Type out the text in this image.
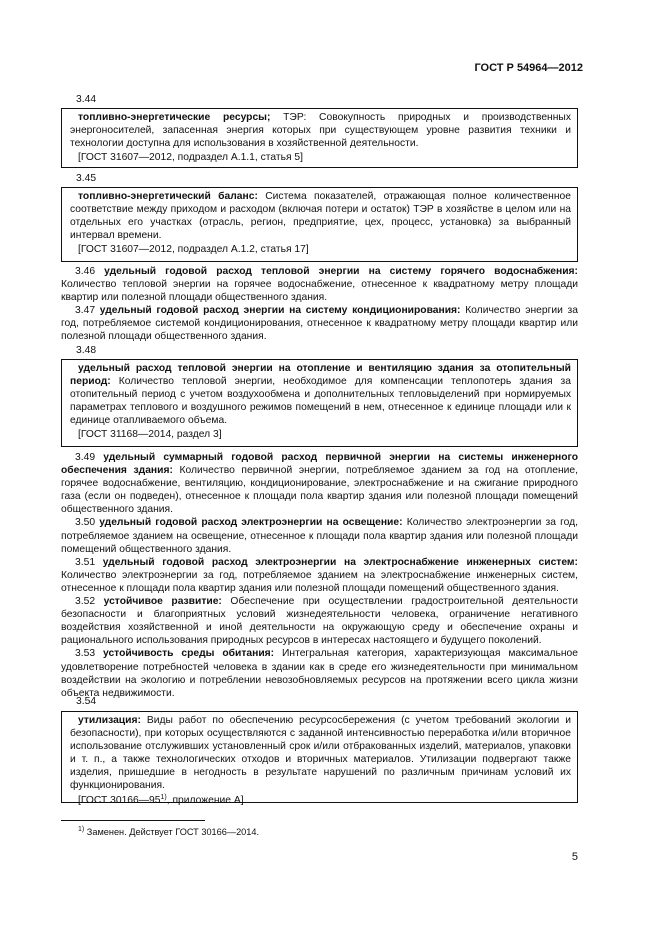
ГОСТ Р 54964—2012
3.44

топливно-энергетические ресурсы; ТЭР: Совокупность природных и производственных энергоносителей, запасенная энергия которых при существующем уровне развития техники и технологии доступна для использования в хозяйственной деятельности.

[ГОСТ 31607—2012, подраздел А.1.1, статья 5]

3.45

топливно-энергетический баланс: Система показателей, отражающая полное количественное соответствие между приходом и расходом (включая потери и остаток) ТЭР в хозяйстве в целом или на отдельных его участках (отрасль, регион, предприятие, цех, процесс, установка) за выбранный интервал времени.

[ГОСТ 31607—2012, подраздел А.1.2, статья 17]

3.46 удельный годовой расход тепловой энергии на систему горячего водоснабжения: Количество тепловой энергии на горячее водоснабжение, отнесенное к квадратному метру площади квартир или полезной площади общественного здания.

3.47 удельный годовой расход энергии на систему кондиционирования: Количество энергии за год, потребляемое системой кондиционирования, отнесенное к квадратному метру площади квартир или полезной площади общественного здания.

3.48

удельный расход тепловой энергии на отопление и вентиляцию здания за отопительный период: Количество тепловой энергии, необходимое для компенсации теплопотерь здания за отопительный период с учетом воздухообмена и дополнительных тепловыделений при нормируемых параметрах теплового и воздушного режимов помещений в нем, отнесенное к единице площади или к единице отапливаемого объема.

[ГОСТ 31168—2014, раздел 3]

3.49 удельный суммарный годовой расход первичной энергии на системы инженерного обеспечения здания: Количество первичной энергии, потребляемое зданием за год на отопление, горячее водоснабжение, вентиляцию, кондиционирование, электроснабжение и на сжигание природного газа (если он подведен), отнесенное к площади пола квартир здания или полезной площади помещений общественного здания.

3.50 удельный годовой расход электроэнергии на освещение: Количество электроэнергии за год, потребляемое зданием на освещение, отнесенное к площади пола квартир здания или полезной площади помещений общественного здания.

3.51 удельный годовой расход электроэнергии на электроснабжение инженерных систем: Количество электроэнергии за год, потребляемое зданием на электроснабжение инженерных систем, отнесенное к площади пола квартир здания или полезной площади помещений общественного здания.

3.52 устойчивое развитие: Обеспечение при осуществлении градостроительной деятельности безопасности и благоприятных условий жизнедеятельности человека, ограничение негативного воздействия хозяйственной и иной деятельности на окружающую среду и обеспечение охраны и рационального использования природных ресурсов в интересах настоящего и будущего поколений.

3.53 устойчивость среды обитания: Интегральная категория, характеризующая максимальное удовлетворение потребностей человека в здании как в среде его жизнедеятельности при минимальном воздействии на экологию и потреблении невозобновляемых ресурсов на протяжении всего цикла жизни объекта недвижимости.

3.54

утилизация: Виды работ по обеспечению ресурсосбережения (с учетом требований экологии и безопасности), при которых осуществляются с заданной интенсивностью переработка и/или вторичное использование отслуживших установленный срок и/или отбракованных изделий, материалов, упаковки и т. п., а также технологических отходов и вторичных материалов. Утилизации подвергают также изделия, пришедшие в негодность в результате нарушений по различным причинам условий их функционирования.

[ГОСТ 30166—95$^{1)}$, приложение А]

$^{1)}$ Заменен. Действует ГОСТ 30166—2014.
5
